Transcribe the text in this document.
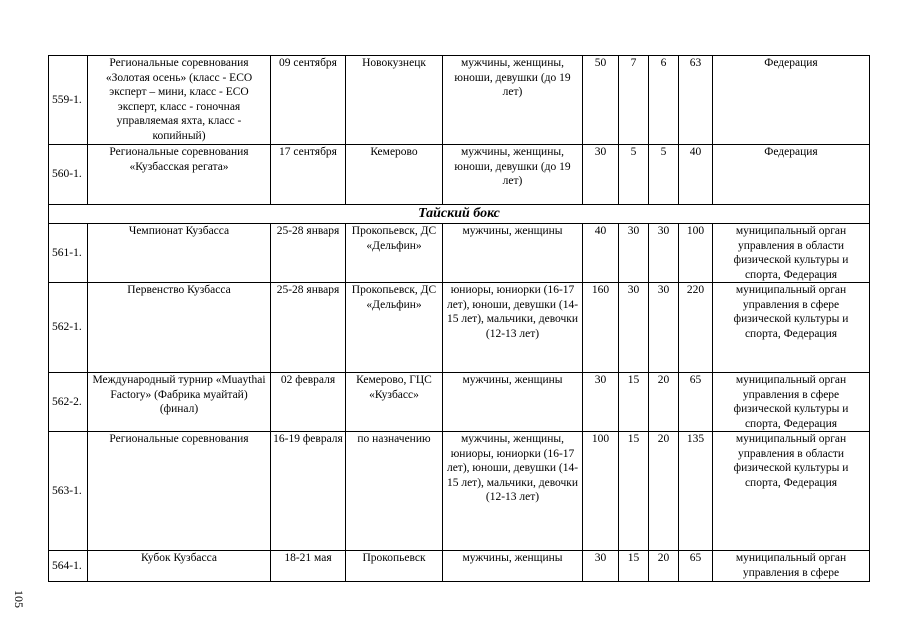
559-1.	Региональные соревнования «Золотая осень» (класс - ЕСО эксперт – мини, класс - ЕСО эксперт, класс - гоночная управляемая яхта, класс - копийный)	09 сентября	Новокузнецк	мужчины, женщины, юноши, девушки (до 19 лет)	50	7	6	63	Федерация
560-1.	Региональные соревнования «Кузбасская регата»	17 сентября	Кемерово	мужчины, женщины, юноши, девушки (до 19 лет)	30	5	5	40	Федерация
Тайский бокс									
561-1.	Чемпионат Кузбасса	25-28 января	Прокопьевск, ДС «Дельфин»	мужчины, женщины	40	30	30	100	муниципальный орган управления в области физической культуры и спорта, Федерация
562-1.	Первенство Кузбасса	25-28 января	Прокопьевск, ДС «Дельфин»	юниоры, юниорки (16-17 лет), юноши, девушки (14-15 лет), мальчики, девочки (12-13 лет)	160	30	30	220	муниципальный орган управления в сфере физической культуры и спорта, Федерация
562-2.	Международный турнир «Muaythai Factory» (Фабрика муайтай) (финал)	02 февраля	Кемерово, ГЦС «Кузбасс»	мужчины, женщины	30	15	20	65	муниципальный орган управления в сфере физической культуры и спорта, Федерация
563-1.	Региональные соревнования	16-19 февраля	по назначению	мужчины, женщины, юниоры, юниорки (16-17 лет), юноши, девушки (14-15 лет), мальчики, девочки (12-13 лет)	100	15	20	135	муниципальный орган управления в области физической культуры и спорта, Федерация
564-1.	Кубок Кузбасса	18-21 мая	Прокопьевск	мужчины, женщины	30	15	20	65	муниципальный орган управления в сфере
105
